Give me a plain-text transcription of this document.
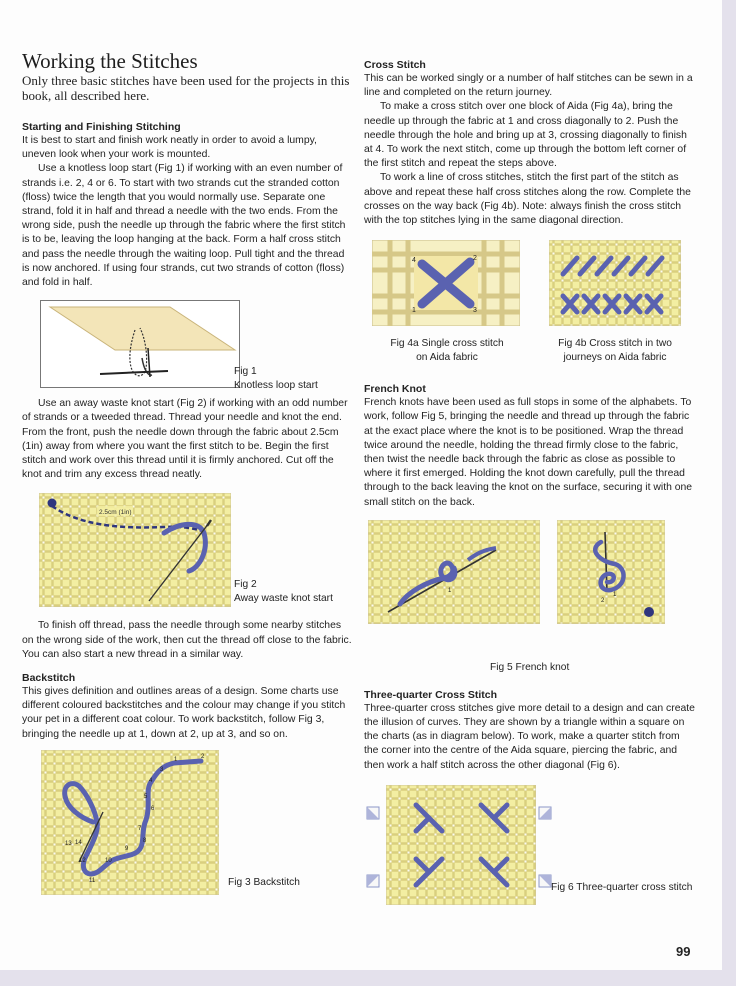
Working the Stitches

Only three basic stitches have been used for the projects in this book, all described here.

Starting and Finishing Stitching

It is best to start and finish work neatly in order to avoid a lumpy, uneven look when your work is mounted.

Use a knotless loop start (Fig 1) if working with an even number of strands i.e. 2, 4 or 6. To start with two strands cut the stranded cotton (floss) twice the length that you would normally use. Separate one strand, fold it in half and thread a needle with the two ends. From the wrong side, push the needle up through the fabric where the first stitch is to be, leaving the loop hanging at the back. Form a half cross stitch and pass the needle through the waiting loop. Pull tight and the thread is now anchored. If using four strands, cut two strands of cotton (floss) and fold in half.

Fig 1
Knotless loop start

Use an away waste knot start (Fig 2) if working with an odd number of strands or a tweeded thread. Thread your needle and knot the end. From the front, push the needle down through the fabric about 2.5cm (1in) away from where you want the first stitch to be. Begin the first stitch and work over this thread until it is firmly anchored. Cut off the knot and trim any excess thread neatly.

2.5cm (1in)
Fig 2
Away waste knot start

To finish off thread, pass the needle through some nearby stitches on the wrong side of the work, then cut the thread off close to the fabric. You can also start a new thread in a similar way.

Backstitch

This gives definition and outlines areas of a design. Some charts use different coloured backstitches and the colour may change if you stitch your pet in a different coat colour. To work backstitch, follow Fig 3, bringing the needle up at 1, down at 2, up at 3, and so on.

1	2
3
4
5
6
7
8
9
10
11
12
13 14
Fig 3 Backstitch
Cross Stitch

This can be worked singly or a number of half stitches can be sewn in a line and completed on the return journey.

To make a cross stitch over one block of Aida (Fig 4a), bring the needle up through the fabric at 1 and cross diagonally to 2. Push the needle through the hole and bring up at 3, crossing diagonally to finish at 4. To work the next stitch, come up through the bottom left corner of the first stitch and repeat the steps above.

To work a line of cross stitches, stitch the first part of the stitch as above and repeat these half cross stitches along the row. Complete the crosses on the way back (Fig 4b). Note: always finish the cross stitch with the top stitches lying in the same diagonal direction.

4	2
1	3
Fig 4a Single cross stitch
on Aida fabric
Fig 4b Cross stitch in two
journeys on Aida fabric
French Knot

French knots have been used as full stops in some of the alphabets. To work, follow Fig 5, bringing the needle and thread up through the fabric at the exact place where the knot is to be positioned. Wrap the thread twice around the needle, holding the thread firmly close to the fabric, then twist the needle back through the fabric as close as possible to where it first emerged. Holding the knot down carefully, pull the thread through to the back leaving the knot on the surface, securing it with one small stitch on the back.

1
2
1
Fig 5 French knot
Three-quarter Cross Stitch

Three-quarter cross stitches give more detail to a design and can create the illusion of curves. They are shown by a triangle within a square on the charts (as in diagram below). To work, make a quarter stitch from the corner into the centre of the Aida square, piercing the fabric, and then work a half stitch across the other diagonal (Fig 6).

Fig 6 Three-quarter cross stitch
99
